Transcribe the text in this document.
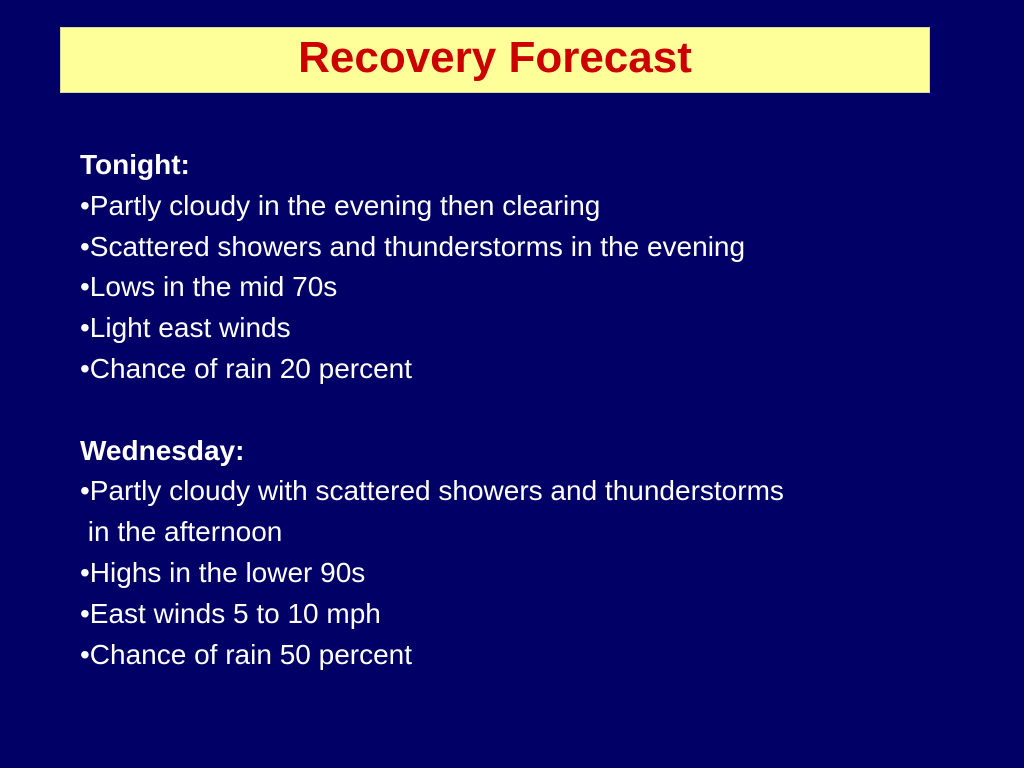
Recovery Forecast
Tonight:
•Partly cloudy in the evening then clearing
•Scattered showers and thunderstorms in the evening
•Lows in the mid 70s
•Light east winds
•Chance of rain 20 percent
Wednesday:
•Partly cloudy with scattered showers and thunderstorms
in the afternoon
•Highs in the lower 90s
•East winds 5 to 10 mph
•Chance of rain 50 percent
